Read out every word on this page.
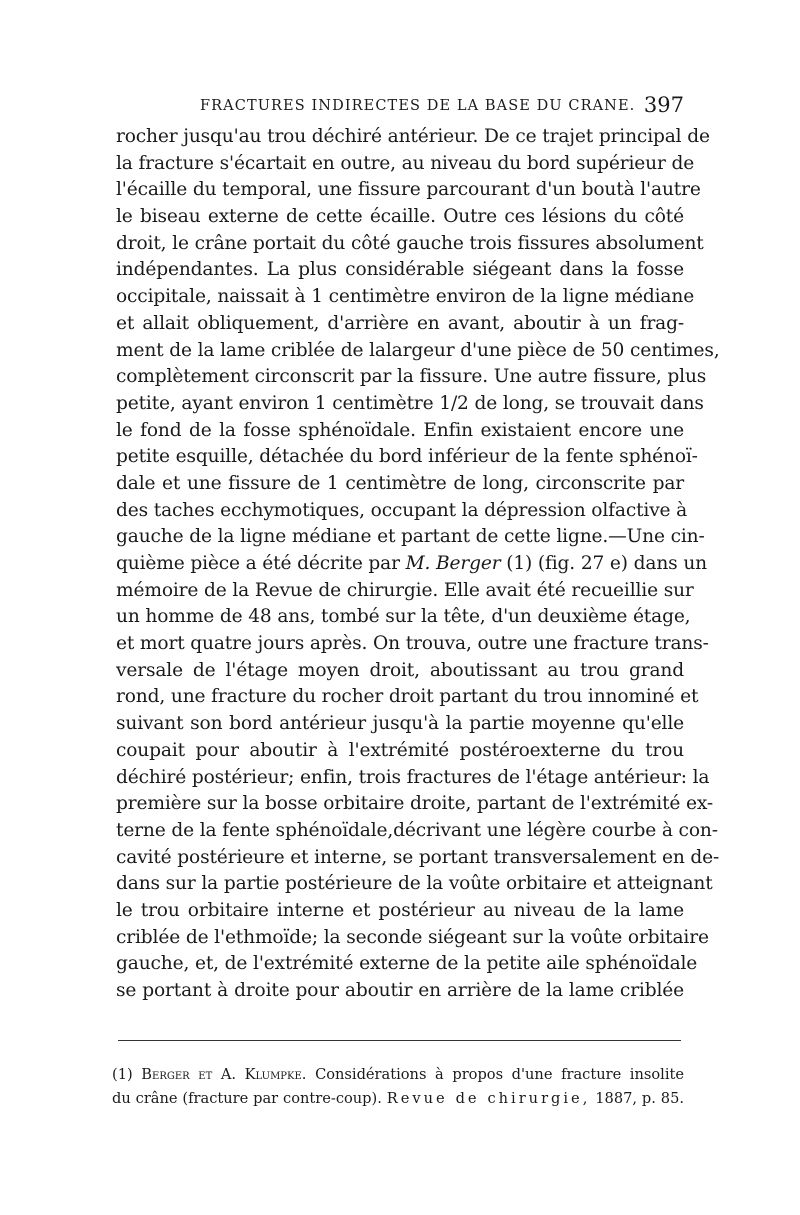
FRACTURES INDIRECTES DE LA BASE DU CRANE. 397
rocher jusqu'au trou déchiré antérieur. De ce trajet principal de
la fracture s'écartait en outre, au niveau du bord supérieur de
l'écaille du temporal, une fissure parcourant d'un boutà l'autre
le biseau externe de cette écaille. Outre ces lésions du côté
droit, le crâne portait du côté gauche trois fissures absolument
indépendantes. La plus considérable siégeant dans la fosse
occipitale, naissait à 1 centimètre environ de la ligne médiane
et allait obliquement, d'arrière en avant, aboutir à un frag-
ment de la lame criblée de lalargeur d'une pièce de 50 centimes,
complètement circonscrit par la fissure. Une autre fissure, plus
petite, ayant environ 1 centimètre 1/2 de long, se trouvait dans
le fond de la fosse sphénoïdale. Enfin existaient encore une
petite esquille, détachée du bord inférieur de la fente sphénoï-
dale et une fissure de 1 centimètre de long, circonscrite par
des taches ecchymotiques, occupant la dépression olfactive à
gauche de la ligne médiane et partant de cette ligne.—Une cin-
quième pièce a été décrite par M. Berger (1) (fig. 27 e) dans un
mémoire de la Revue de chirurgie. Elle avait été recueillie sur
un homme de 48 ans, tombé sur la tête, d'un deuxième étage,
et mort quatre jours après. On trouva, outre une fracture trans-
versale de l'étage moyen droit, aboutissant au trou grand
rond, une fracture du rocher droit partant du trou innominé et
suivant son bord antérieur jusqu'à la partie moyenne qu'elle
coupait pour aboutir à l'extrémité postéroexterne du trou
déchiré postérieur; enfin, trois fractures de l'étage antérieur: la
première sur la bosse orbitaire droite, partant de l'extrémité ex-
terne de la fente sphénoïdale,décrivant une légère courbe à con-
cavité postérieure et interne, se portant transversalement en de-
dans sur la partie postérieure de la voûte orbitaire et atteignant
le trou orbitaire interne et postérieur au niveau de la lame
criblée de l'ethmoïde; la seconde siégeant sur la voûte orbitaire
gauche, et, de l'extrémité externe de la petite aile sphénoïdale
se portant à droite pour aboutir en arrière de la lame criblée
(1) Berger et A. Klumpke. Considérations à propos d'une fracture insolite
du crâne (fracture par contre-coup). Revue de chirurgie, 1887, p. 85.
